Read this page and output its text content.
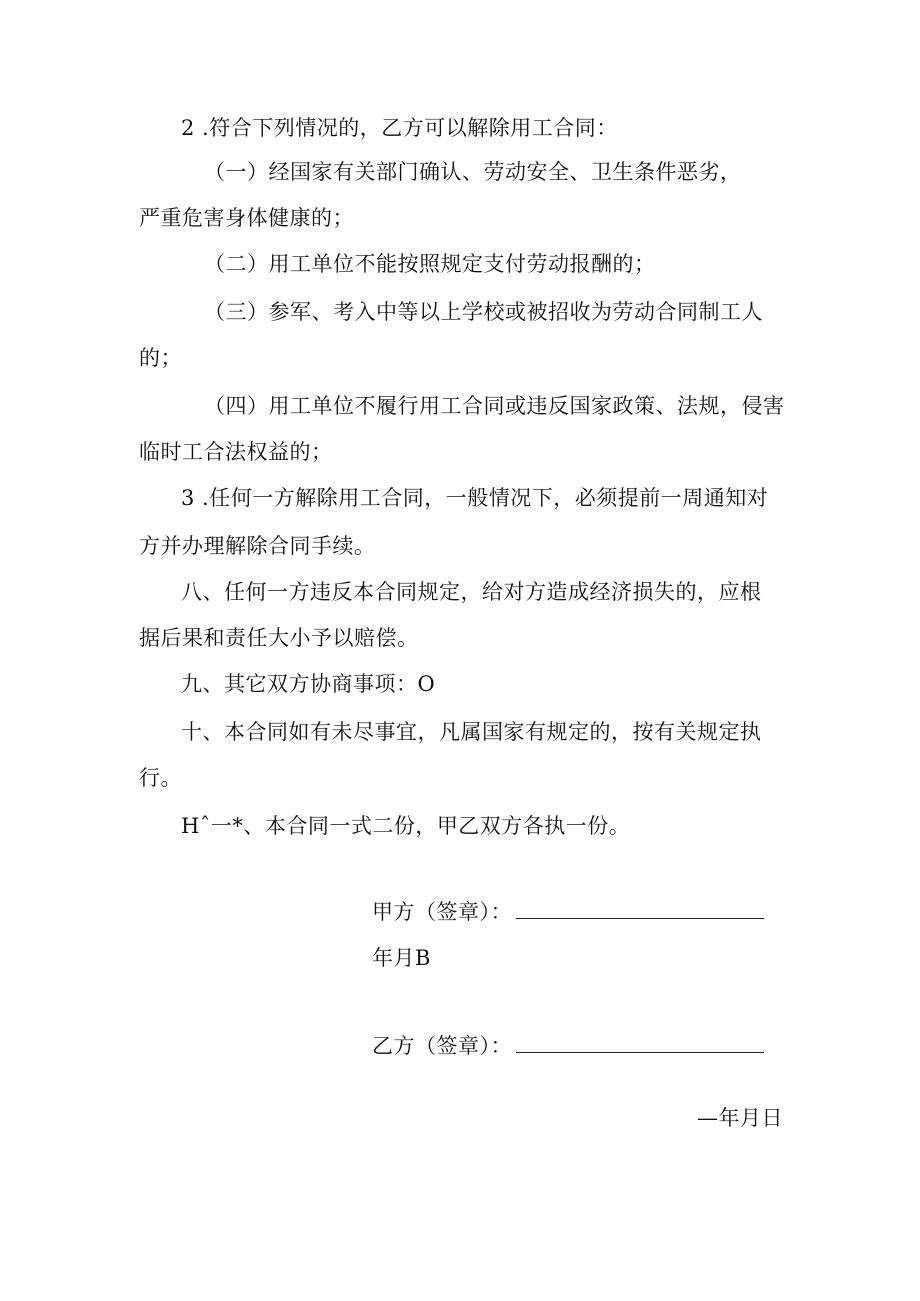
2 .符合下列情况的，乙方可以解除用工合同：
（一）经国家有关部门确认、劳动安全、卫生条件恶劣，
严重危害身体健康的；
（二）用工单位不能按照规定支付劳动报酬的；
（三）参军、考入中等以上学校或被招收为劳动合同制工人
的；
（四）用工单位不履行用工合同或违反国家政策、法规，侵害
临时工合法权益的；
3 .任何一方解除用工合同，一般情况下，必须提前一周通知对
方并办理解除合同手续。
八、任何一方违反本合同规定，给对方造成经济损失的，应根
据后果和责任大小予以赔偿。
九、其它双方协商事项：O
十、本合同如有未尽事宜，凡属国家有规定的，按有关规定执
行。
Hˆ一*、本合同一式二份，甲乙双方各执一份。
甲方（签章）：
年月B
乙方（签章）：
—年月日
